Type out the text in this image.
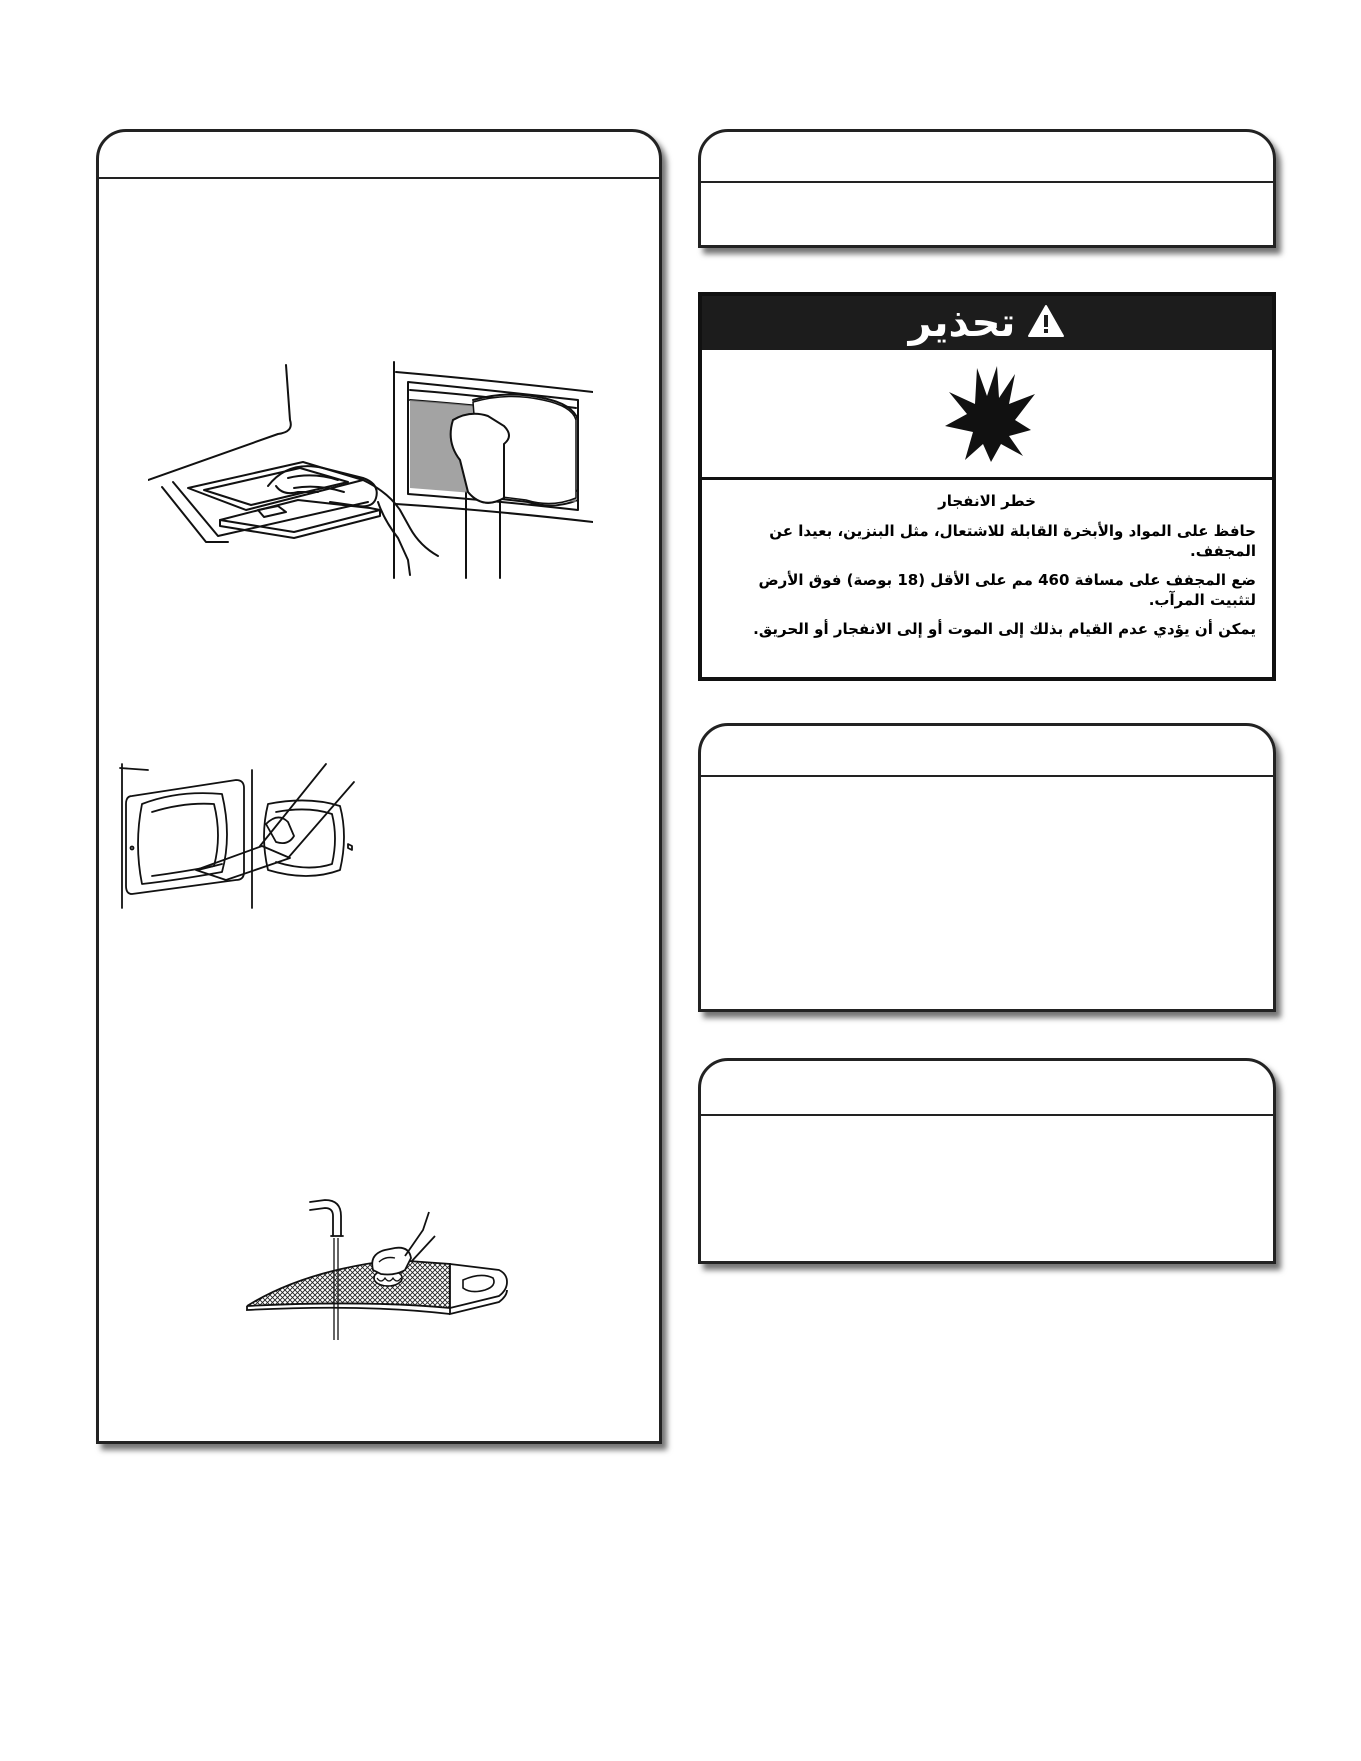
تحذير
خطر الانفجار

حافظ على المواد والأبخرة القابلة للاشتعال، مثل البنزين، بعيدا عن المجفف.

ضع المجفف على مسافة 460 مم على الأقل (18 بوصة) فوق الأرض لتثبيت المرآب.

يمكن أن يؤدي عدم القيام بذلك إلى الموت أو إلى الانفجار أو الحريق.
